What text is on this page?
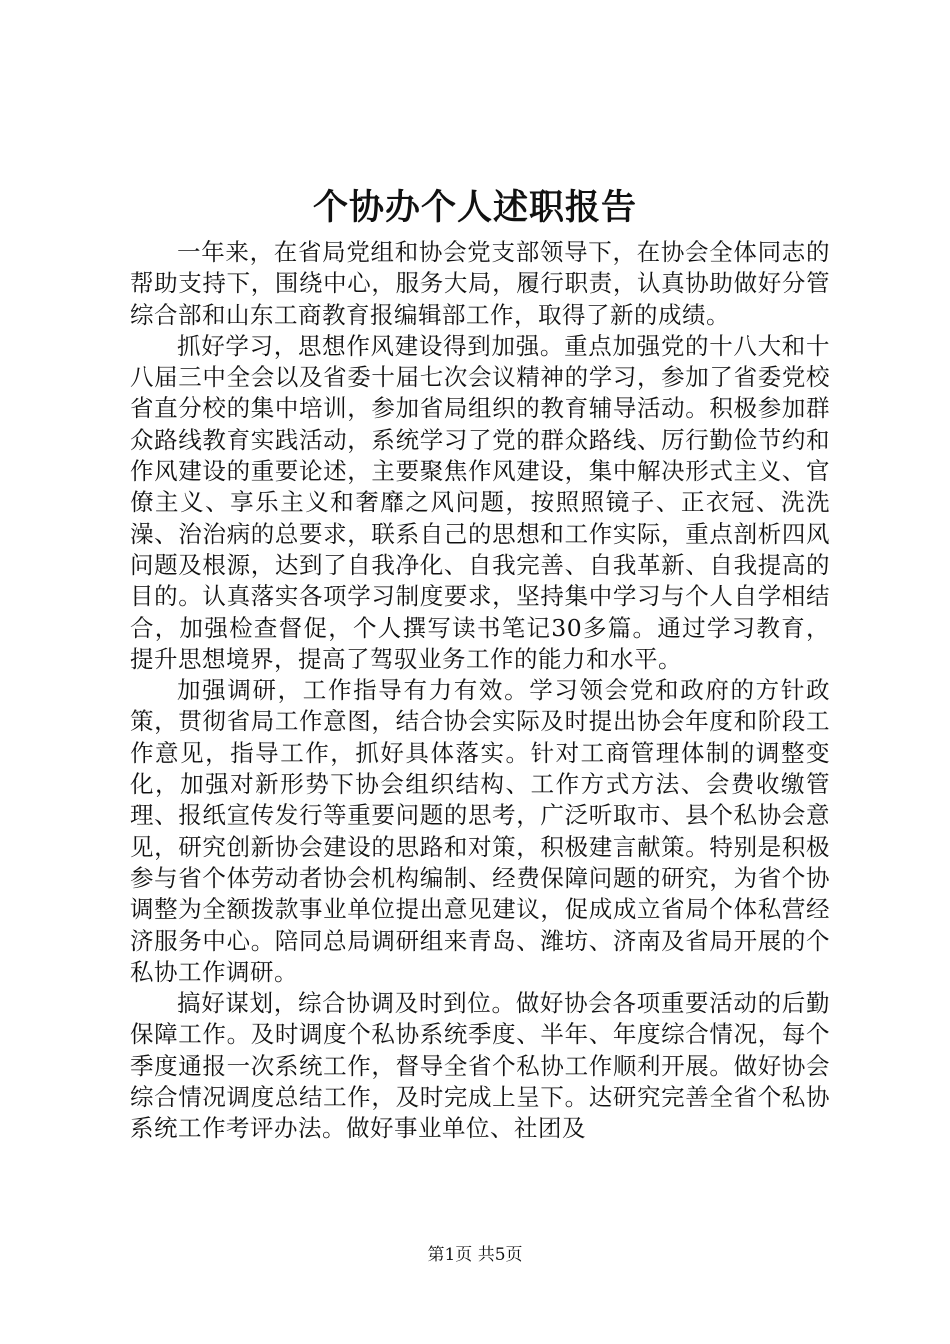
个协办个人述职报告

一年来，在省局党组和协会党支部领导下，在协会全体同志的帮助支持下，围绕中心，服务大局，履行职责，认真协助做好分管综合部和山东工商教育报编辑部工作，取得了新的成绩。

抓好学习，思想作风建设得到加强。重点加强党的十八大和十八届三中全会以及省委十届七次会议精神的学习，参加了省委党校省直分校的集中培训，参加省局组织的教育辅导活动。积极参加群众路线教育实践活动，系统学习了党的群众路线、厉行勤俭节约和作风建设的重要论述，主要聚焦作风建设，集中解决形式主义、官僚主义、享乐主义和奢靡之风问题，按照照镜子、正衣冠、洗洗澡、治治病的总要求，联系自己的思想和工作实际，重点剖析四风问题及根源，达到了自我净化、自我完善、自我革新、自我提高的目的。认真落实各项学习制度要求，坚持集中学习与个人自学相结合，加强检查督促，个人撰写读书笔记30多篇。通过学习教育，提升思想境界，提高了驾驭业务工作的能力和水平。

加强调研，工作指导有力有效。学习领会党和政府的方针政策，贯彻省局工作意图，结合协会实际及时提出协会年度和阶段工作意见，指导工作，抓好具体落实。针对工商管理体制的调整变化，加强对新形势下协会组织结构、工作方式方法、会费收缴管理、报纸宣传发行等重要问题的思考，广泛听取市、县个私协会意见，研究创新协会建设的思路和对策，积极建言献策。特别是积极参与省个体劳动者协会机构编制、经费保障问题的研究，为省个协调整为全额拨款事业单位提出意见建议，促成成立省局个体私营经济服务中心。陪同总局调研组来青岛、潍坊、济南及省局开展的个私协工作调研。

搞好谋划，综合协调及时到位。做好协会各项重要活动的后勤保障工作。及时调度个私协系统季度、半年、年度综合情况，每个季度通报一次系统工作，督导全省个私协工作顺利开展。做好协会综合情况调度总结工作，及时完成上呈下。达研究完善全省个私协系统工作考评办法。做好事业单位、社团及

第1页 共5页
